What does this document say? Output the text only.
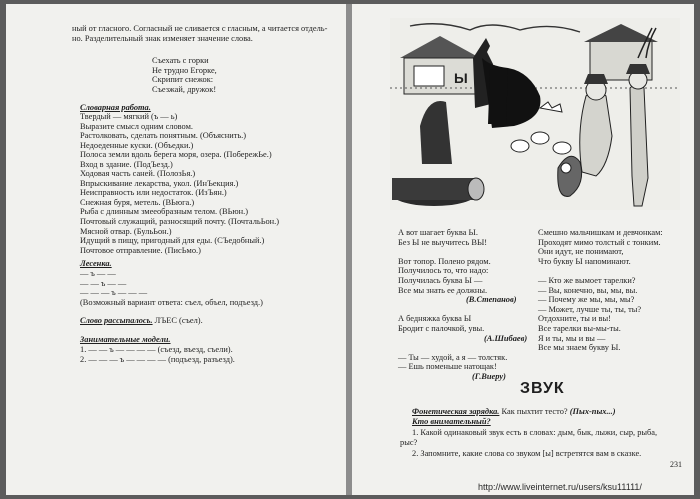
ный от гласного. Согласный не сливается с гласным, а читается отдель-
но. Разделительный знак изменяет значение слова.
Съехать с горки
Не трудно Егорке,
Скрипит снежок:
Съезжай, дружок!
Словарная работа.
Твердый — мягкий (ъ — ь)
Выразите смысл одним словом.
Растолковать, сделать понятным. (Объяснить.)
Недоеденные куски. (Объедки.)
Полоса земли вдоль берега моря, озера. (ПобережЬе.)
Вход в здание. (ПодЪезд.)
Ходовая часть саней. (ПолозЬя.)
Впрыскивание лекарства, укол. (ИнЪекция.)
Неисправность или недостаток. (ИзЪян.)
Снежная буря, метель. (ВЬюга.)
Рыба с длинным змееобразным телом. (ВЬюн.)
Почтовый служащий, разносящий почту. (ПочтальЬон.)
Мясной отвар. (БульЬон.)
Идущий в пищу, пригодный для еды. (СЪедобный.)
Почтовое отправление. (ПисЬмо.)
Лесенка.
— ъ — —
— — ъ — —
— — — ъ — — —
(Возможный вариант ответа: съел, объел, подъезд.)
Слово рассыпалось. ЛЪЕС (съел).
Занимательные модели.
1. — — ъ — — — — (съезд, въезд, съели).
2. — — — ъ — — — — (подъезд, разъезд).
Ы
А вот шагает буква Ы.
Без Ы не выучитесь ВЫ!

Вот топор. Полено рядом.
Получилось то, что надо:
Получилась буква Ы —
Все мы знать ее должны.
(В.Степанов)

А бедняжка буква Ы
Бродит с палочкой, увы.
(А.Шибаев)

— Ты — худой, а я — толстяк.
— Ешь поменьше натощак!
(Г.Виеру)
Смешно мальчишкам и девчонкам:
Проходят мимо толстый с тонким.
Они идут, не понимают,
Что букву Ы напоминают.

— Кто же вымоет тарелки?
— Вы, конечно, вы, мы, вы.
— Почему же мы, мы, мы?
— Может, лучше ты, ты, ты?
Отдохните, ты и вы!
Все тарелки вы-мы-ты.
Я и ты, мы и вы —
Все мы знаем букву Ы.
ЗВУК
Фонетическая зарядка. Как пыхтит тесто? (Пых-пых...)
Кто внимательный?
1. Какой одинаковый звук есть в словах: дым, бык, лыжи, сыр, рыба,
рыс?
2. Запомните, какие слова со звуком [ы] встретятся вам в сказке.
231
http://www.liveinternet.ru/users/ksu11111/
